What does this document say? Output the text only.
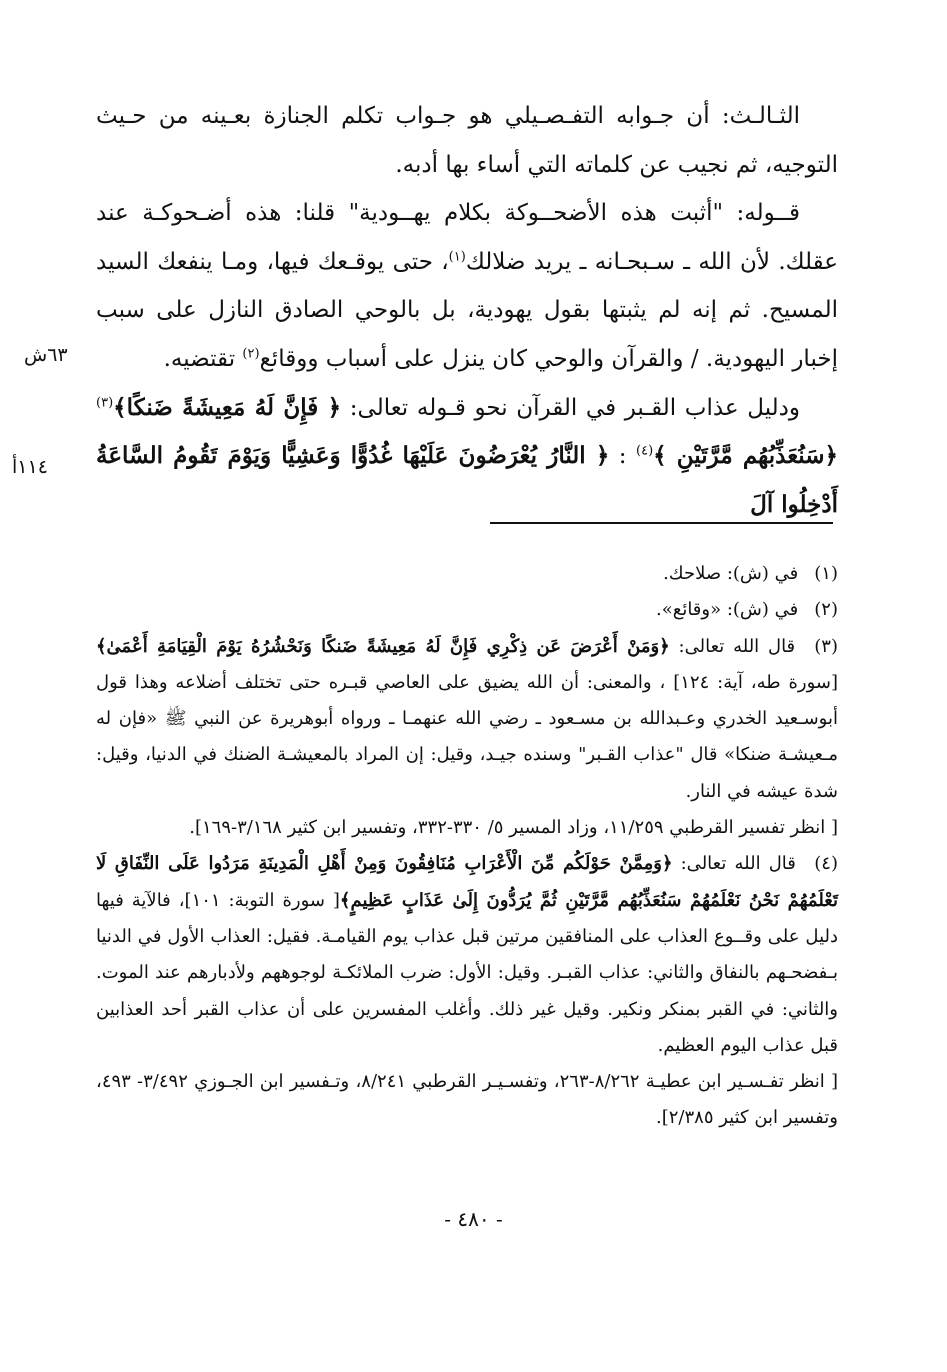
الثـالـث: أن جـوابه التفـصـيلي هو جـواب تكلم الجنازة بعـينه من حـيث التوجيه، ثم نجيب عن كلماته التي أساء بها أدبه.

قــوله: "أثبت هذه الأضحــوكة بكلام يهــودية" قلنا: هذه أضـحوكـة عند عقلك. لأن الله ـ سـبحـانه ـ يريد ضلالك$^{(١)}$، حتى يوقـعك فيها، ومـا ينفعك السيد المسيح. ثم إنه لم يثبتها بقول يهودية، بل بالوحي الصادق النازل على سبب إخبار اليهودية. / والقرآن والوحي كان ينزل على أسباب ووقائع$^{(٢)}$ تقتضيه.

ودليل عذاب القـبر في القرآن نحو قـوله تعالى: ﴿ فَإِنَّ لَهُ مَعِيشَةً ضَنكًا﴾$^{(٣)}$ ﴿سَنُعَذِّبُهُم مَّرَّتَيْنِ ﴾$^{(٤)}$ : ﴿ النَّارُ يُعْرَضُونَ عَلَيْهَا غُدُوًّا وَعَشِيًّا وَيَوْمَ تَقُومُ السَّاعَةُ أَدْخِلُوا آلَ

٦٣ش
١١٤أ

(١) في (ش): صلاحك.

(٢) في (ش): «وقائع».

(٣) قال الله تعالى: ﴿وَمَنْ أَعْرَضَ عَن ذِكْرِي فَإِنَّ لَهُ مَعِيشَةً ضَنكًا وَنَحْشُرُهُ يَوْمَ الْقِيَامَةِ أَعْمَىٰ﴾ [سورة طه، آية: ١٢٤] ، والمعنى: أن الله يضيق على العاصي قبـره حتى تختلف أضلاعه وهذا قول أبوسـعيد الخدري وعـبدالله بن مسـعود ـ رضي الله عنهمـا ـ ورواه أبوهريرة عن النبي ﷺ «فإن له مـعيشـة ضنكا» قال "عذاب القـبر" وسنده جيـد، وقيل: إن المراد بالمعيشـة الضنك في الدنيا، وقيل: شدة عيشه في النار.
[ انظر تفسير القرطبي ١١/٢٥٩، وزاد المسير ٥/ ٣٣٠-٣٣٢، وتفسير ابن كثير ٣/١٦٨-١٦٩].

(٤) قال الله تعالى: ﴿وَمِمَّنْ حَوْلَكُم مِّنَ الْأَعْرَابِ مُنَافِقُونَ وَمِنْ أَهْلِ الْمَدِينَةِ مَرَدُوا عَلَى النِّفَاقِ لَا تَعْلَمُهُمْ نَحْنُ نَعْلَمُهُمْ سَنُعَذِّبُهُم مَّرَّتَيْنِ ثُمَّ يُرَدُّونَ إِلَىٰ عَذَابٍ عَظِيمٍ﴾[ سورة التوبة: ١٠١]، فالآية فيها دليل على وقــوع العذاب على المنافقين مرتين قبل عذاب يوم القيامـة. فقيل: العذاب الأول في الدنيا بـفضحـهم بالنفاق والثاني: عذاب القبـر. وقيل: الأول: ضرب الملائكـة لوجوههم ولأدبارهم عند الموت. والثاني: في القبر بمنكر ونكير. وقيل غير ذلك. وأغلب المفسرين على أن عذاب القبر أحد العذابين قبل عذاب اليوم العظيم.
[ انظر تفـسـير ابن عطيـة ٨/٢٦٢-٢٦٣، وتفسـيـر القرطبي ٨/٢٤١، وتـفسير ابن الجـوزي ٣/٤٩٢- ٤٩٣، وتفسير ابن كثير ٢/٣٨٥].

- ٤٨٠ -
